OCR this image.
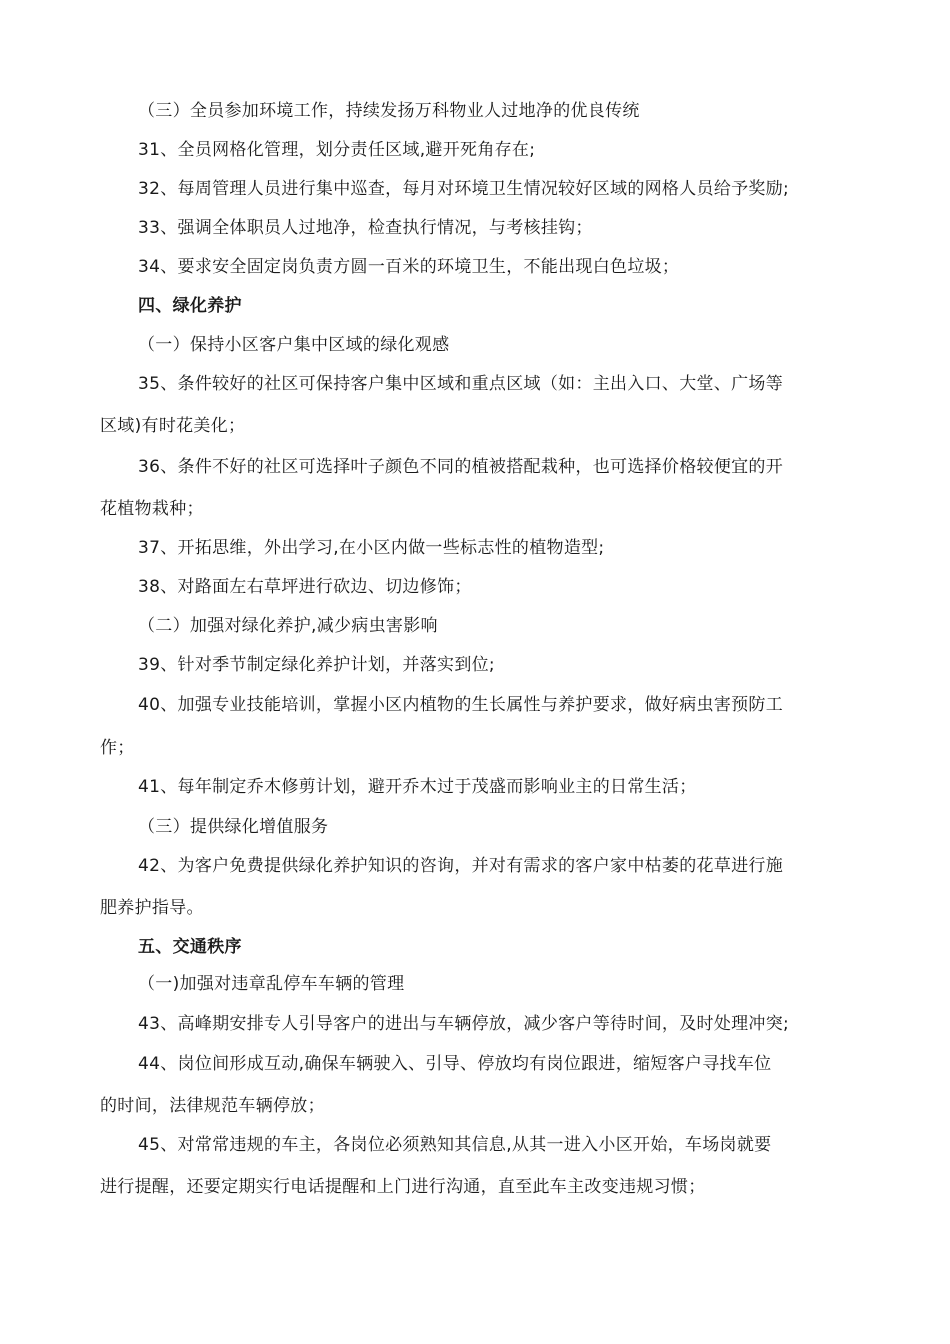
（三）全员参加环境工作，持续发扬万科物业人过地净的优良传统
31、全员网格化管理，划分责任区域,避开死角存在;
32、每周管理人员进行集中巡查，每月对环境卫生情况较好区域的网格人员给予奖励;
33、强调全体职员人过地净，检查执行情况，与考核挂钩；
34、要求安全固定岗负责方圆一百米的环境卫生，不能出现白色垃圾；
四、绿化养护
（一）保持小区客户集中区域的绿化观感
35、条件较好的社区可保持客户集中区域和重点区域（如：主出入口、大堂、广场等
区域)有时花美化；
36、条件不好的社区可选择叶子颜色不同的植被搭配栽种，也可选择价格较便宜的开
花植物栽种；
37、开拓思维，外出学习,在小区内做一些标志性的植物造型;
38、对路面左右草坪进行砍边、切边修饰；
（二）加强对绿化养护,减少病虫害影响
39、针对季节制定绿化养护计划，并落实到位;
40、加强专业技能培训，掌握小区内植物的生长属性与养护要求，做好病虫害预防工
作；
41、每年制定乔木修剪计划，避开乔木过于茂盛而影响业主的日常生活；
（三）提供绿化增值服务
42、为客户免费提供绿化养护知识的咨询，并对有需求的客户家中枯萎的花草进行施
肥养护指导。
五、交通秩序
（一)加强对违章乱停车车辆的管理
43、高峰期安排专人引导客户的进出与车辆停放，减少客户等待时间，及时处理冲突;
44、岗位间形成互动,确保车辆驶入、引导、停放均有岗位跟进，缩短客户寻找车位
的时间，法律规范车辆停放；
45、对常常违规的车主，各岗位必须熟知其信息,从其一进入小区开始，车场岗就要
进行提醒，还要定期实行电话提醒和上门进行沟通，直至此车主改变违规习惯；
